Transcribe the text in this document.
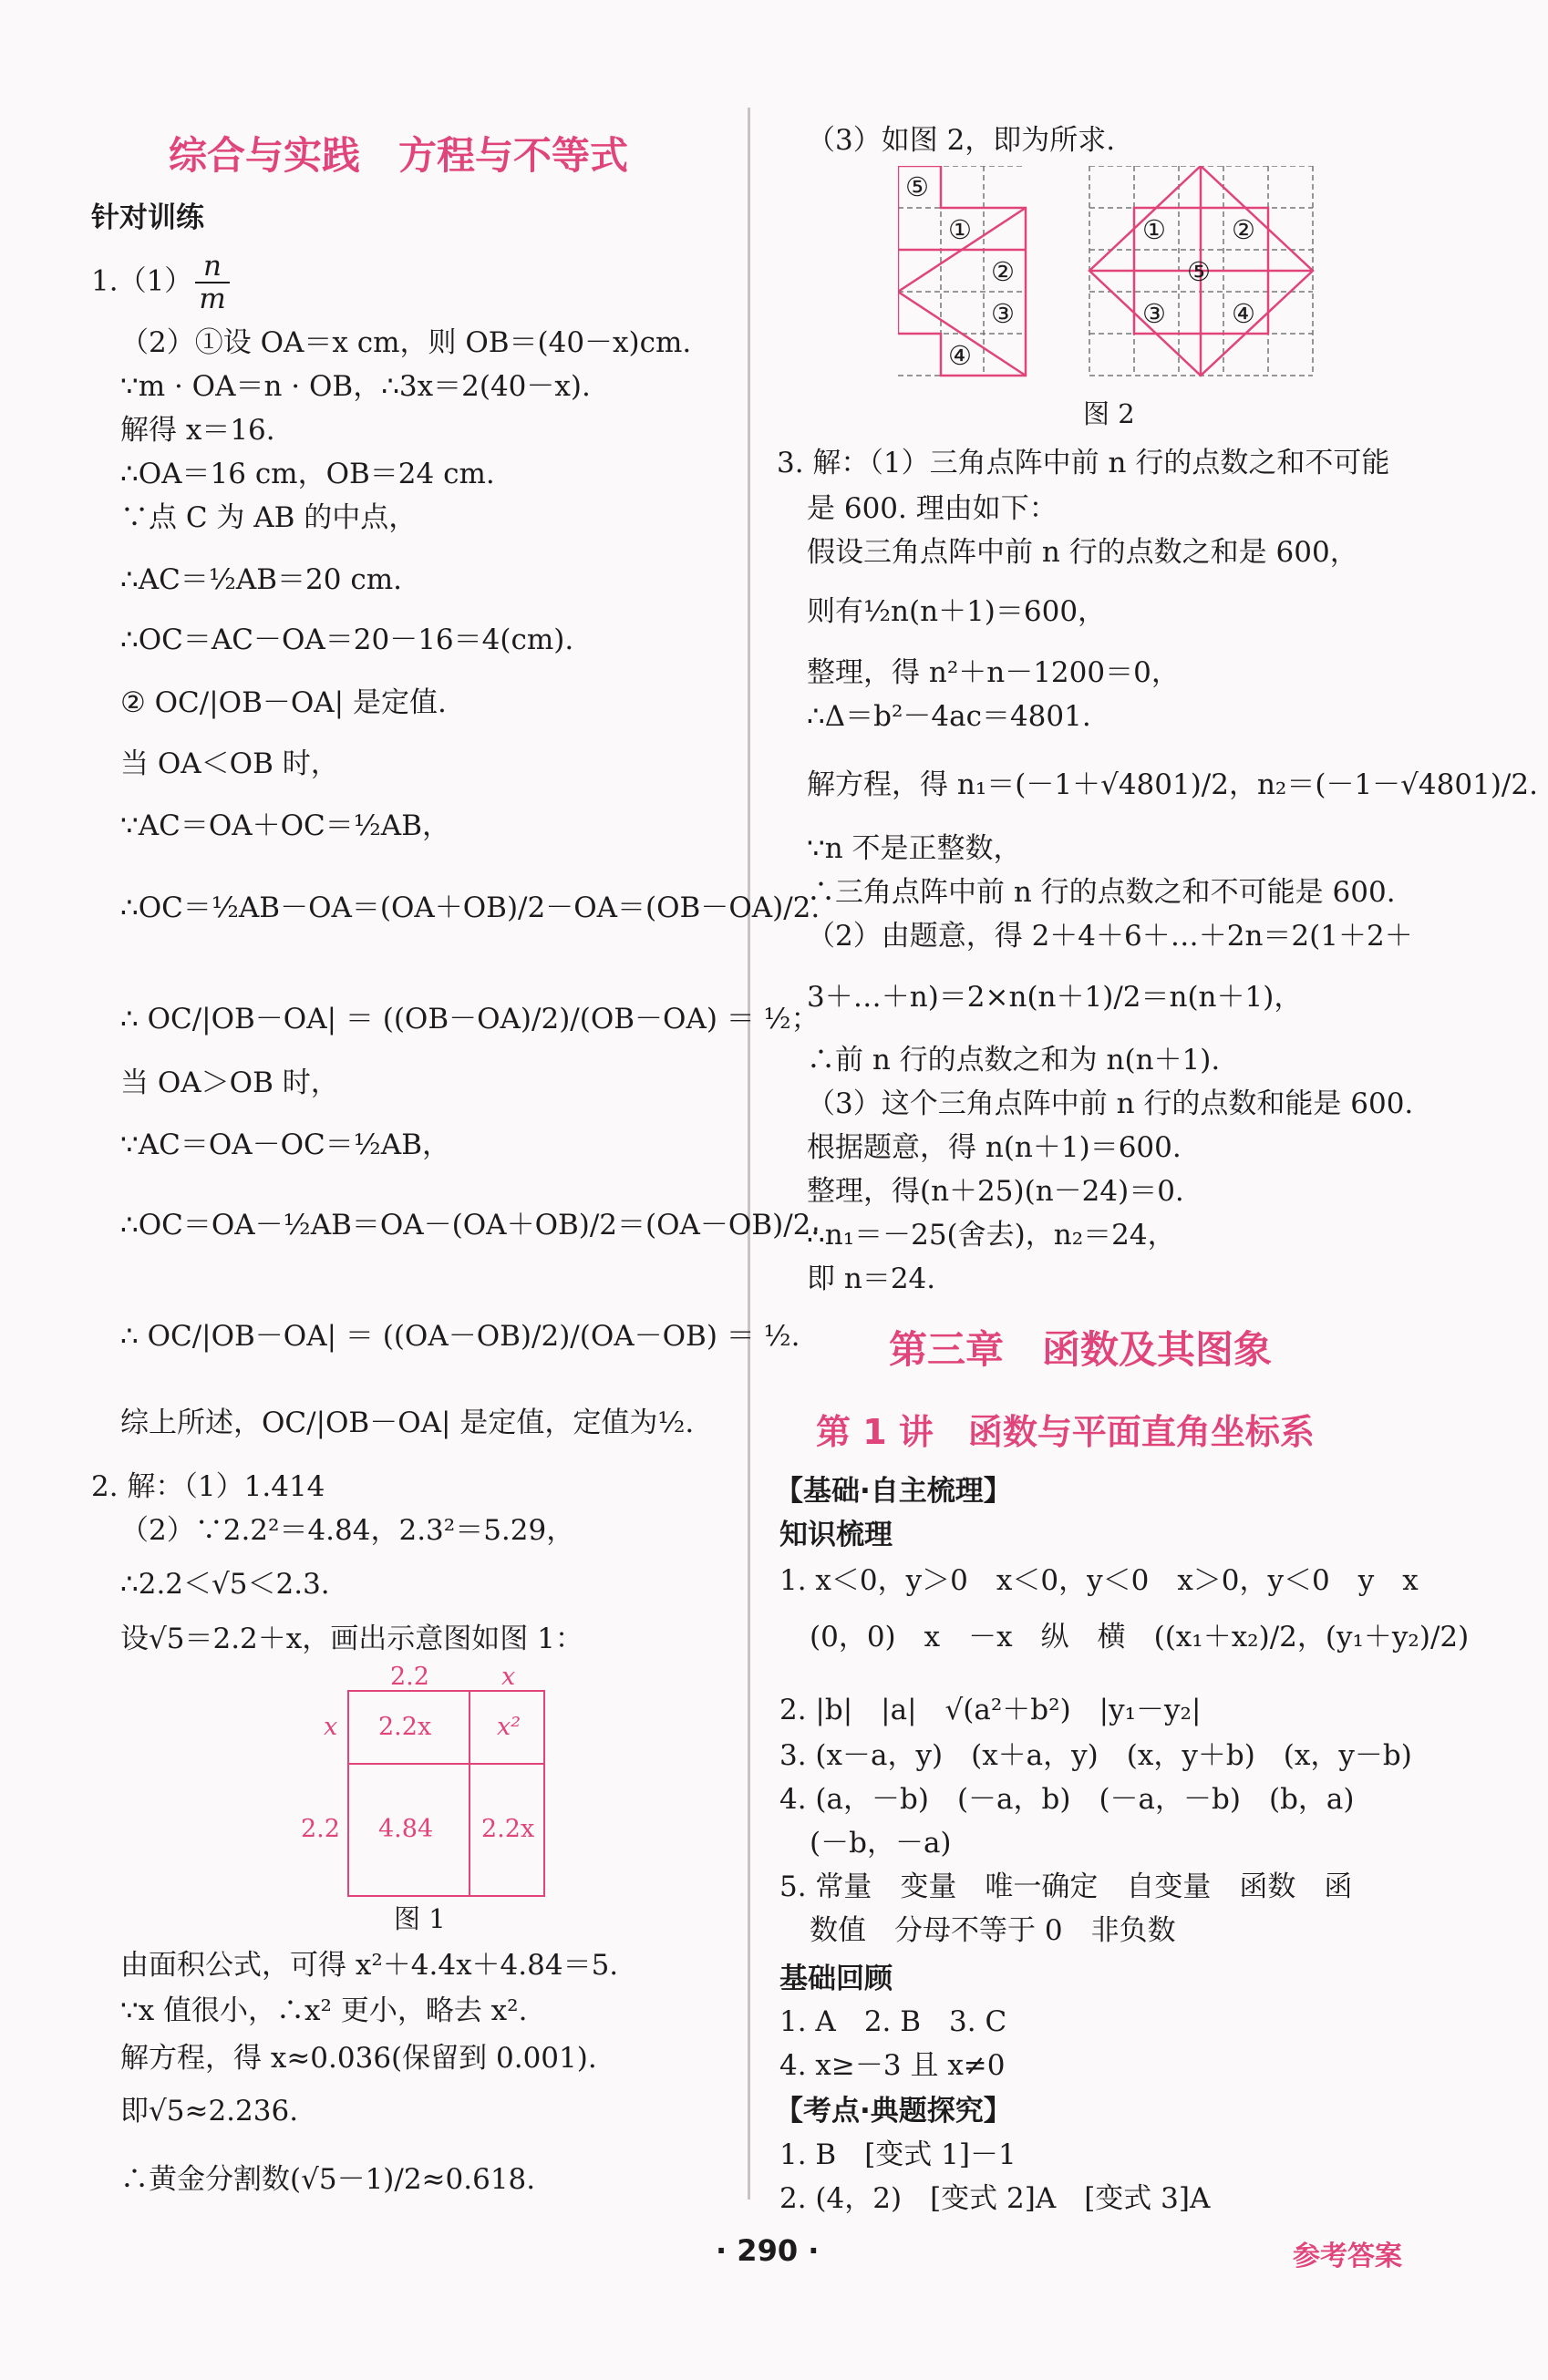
综合与实践　方程与不等式
针对训练
$1.(1) \frac{n}{m}$
（2）①设 OA＝x cm，则 OB＝(40－x)cm.
∵m · OA＝n · OB，∴3x＝2(40－x).
解得 x＝16.
∴OA＝16 cm，OB＝24 cm.
∵点 C 为 AB 的中点，
∴AC＝½AB＝20 cm.
∴OC＝AC－OA＝20－16＝4(cm).
② OC/|OB－OA| 是定值.
当 OA＜OB 时，
∵AC＝OA＋OC＝½AB，
∴OC＝½AB－OA＝(OA＋OB)/2－OA＝(OB－OA)/2.
∴ OC/|OB－OA| ＝ ((OB－OA)/2)/(OB－OA) ＝ ½；
当 OA＞OB 时，
∵AC＝OA－OC＝½AB，
∴OC＝OA－½AB＝OA－(OA＋OB)/2＝(OA－OB)/2.
∴ OC/|OB－OA| ＝ ((OA－OB)/2)/(OA－OB) ＝ ½.
综上所述，OC/|OB－OA| 是定值，定值为½.
2. 解：（1）1.414
（2）∵2.2²＝4.84，2.3²＝5.29，
∴2.2＜√5＜2.3.
设√5＝2.2＋x，画出示意图如图 1：
2.2	x
x
2.2
2.2x	x²
4.84 2.2x
图 1
由面积公式，可得 x²＋4.4x＋4.84＝5.
∵x 值很小，∴x² 更小，略去 x².
解方程，得 x≈0.036(保留到 0.001).
即√5≈2.236.
∴黄金分割数(√5－1)/2≈0.618.
（3）如图 2，即为所求.
⑤
①
②
③
④
① ②
⑤
③ ④
图 2
3. 解：（1）三角点阵中前 n 行的点数之和不可能
是 600. 理由如下：
假设三角点阵中前 n 行的点数之和是 600，
则有½n(n＋1)＝600，
整理，得 n²＋n－1200＝0，
∴Δ＝b²－4ac＝4801.
解方程，得 n₁＝(－1＋√4801)/2，n₂＝(－1－√4801)/2.
∵n 不是正整数，
∴三角点阵中前 n 行的点数之和不可能是 600.
（2）由题意，得 2＋4＋6＋…＋2n＝2(1＋2＋
3＋…＋n)＝2×n(n＋1)/2＝n(n＋1)，
∴前 n 行的点数之和为 n(n＋1).
（3）这个三角点阵中前 n 行的点数和能是 600.
根据题意，得 n(n＋1)＝600.
整理，得(n＋25)(n－24)＝0.
∴n₁＝－25(舍去)，n₂＝24，
即 n＝24.
第三章　函数及其图象
第 1 讲　函数与平面直角坐标系
【基础·自主梳理】
知识梳理
1. x＜0，y＞0　x＜0，y＜0　x＞0，y＜0　y　x
(0，0)　x　－x　纵　横　((x₁＋x₂)/2，(y₁＋y₂)/2)
2. |b|　|a|　√(a²＋b²)　|y₁－y₂|
3. (x－a，y)　(x＋a，y)　(x，y＋b)　(x，y－b)
4. (a，－b)　(－a，b)　(－a，－b)　(b，a)
(－b，－a)
5. 常量　变量　唯一确定　自变量　函数　函
数值　分母不等于 0　非负数
基础回顾
1. A　2. B　3. C
4. x≥－3 且 x≠0
【考点·典题探究】
1. B　[变式 1]－1
2. (4，2)　[变式 2]A　[变式 3]A
· 290 ·	参考答案
